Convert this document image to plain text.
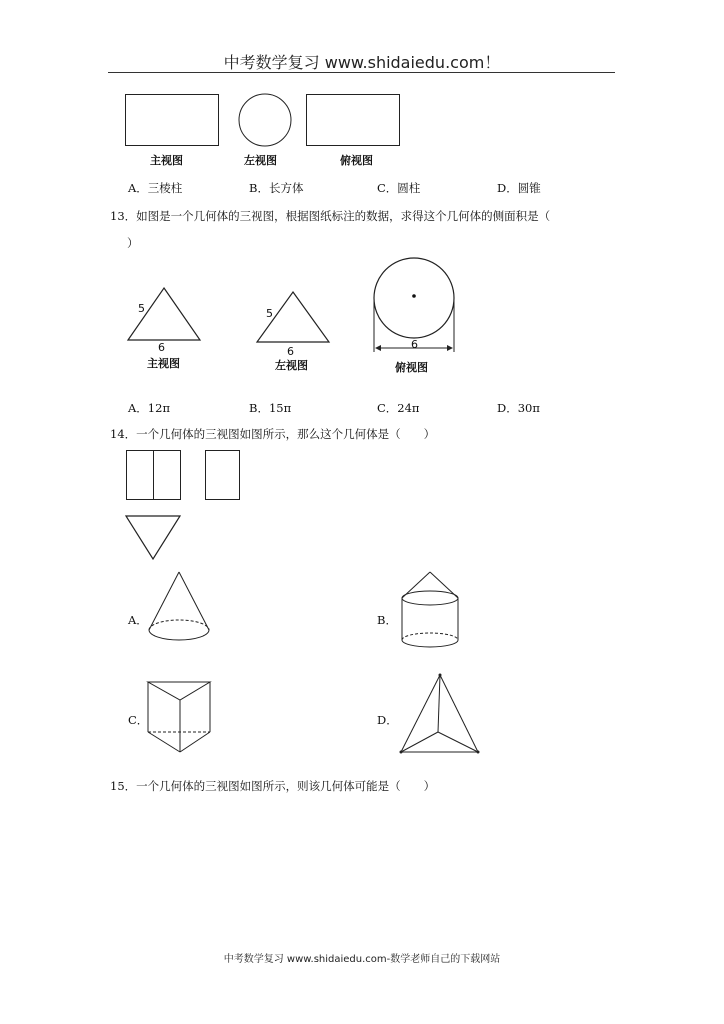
中考数学复习 www.shidaiedu.com！
主视图	左视图	俯视图
A．三棱柱	B．长方体	C．圆柱	D．圆锥
13．如图是一个几何体的三视图，根据图纸标注的数据，求得这个几何体的侧面积是（
）
5
6
主视图
5
6
左视图
6
俯视图
A．12π	B．15π	C．24π	D．30π
14．一个几何体的三视图如图所示，那么这个几何体是（　　）
A．	B．
C．	D．
15．一个几何体的三视图如图所示，则该几何体可能是（　　）
中考数学复习 www.shidaiedu.com-数学老师自己的下载网站
